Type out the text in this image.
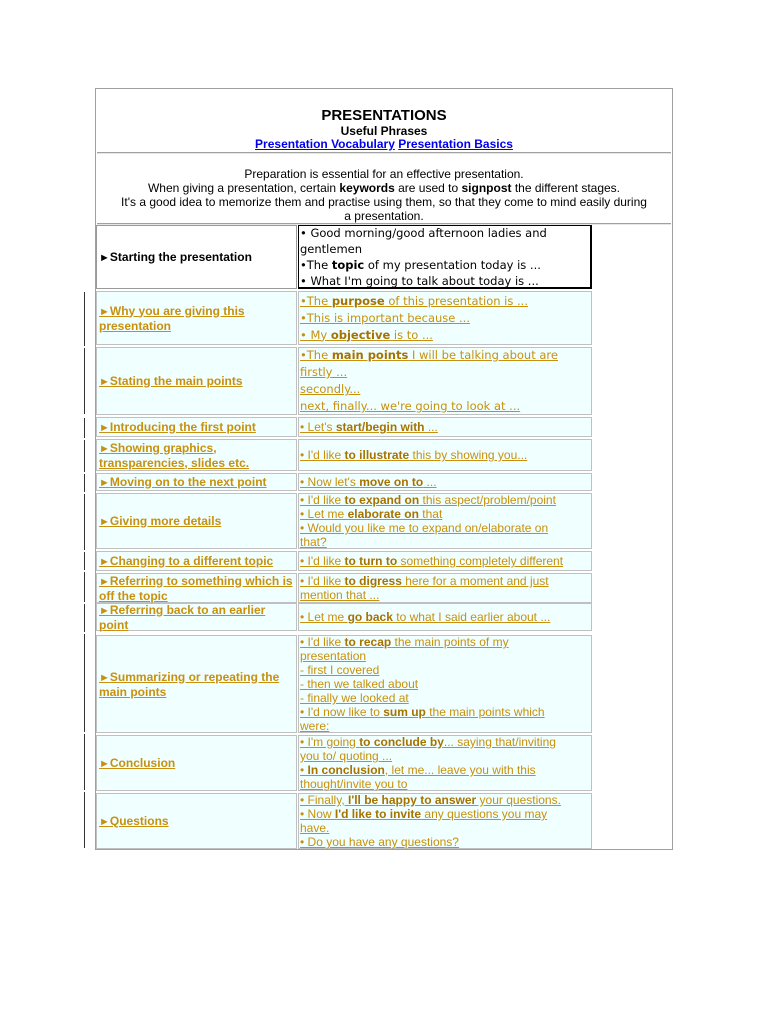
PRESENTATIONS
Useful Phrases
Presentation Vocabulary Presentation Basics
Preparation is essential for an effective presentation.
When giving a presentation, certain keywords are used to signpost the different stages.
It's a good idea to memorize them and practise using them, so that they come to mind easily during
a presentation.
►Starting the presentation
• Good morning/good afternoon ladies and
gentlemen
•The topic of my presentation today is ...
• What I'm going to talk about today is ...
►Why you are giving this presentation
•The purpose of this presentation is ...
•This is important because ...
• My objective is to ...
►Stating the main points
•The main points I will be talking about are
firstly ...
secondly...
next, finally... we're going to look at ...
►Introducing the first point	• Let's start/begin with ...
►Showing graphics, transparencies, slides etc.
• I'd like to illustrate this by showing you...
►Moving on to the next point	• Now let's move on to ...
►Giving more details
• I'd like to expand on this aspect/problem/point
• Let me elaborate on that
• Would you like me to expand on/elaborate on
that?
►Changing to a different topic • I'd like to turn to something completely different
►Referring to something which is off the topic
• I'd like to digress here for a moment and just
mention that ...
►Referring back to an earlier point
• Let me go back to what I said earlier about ...
►Summarizing or repeating the main points
• I'd like to recap the main points of my
presentation
- first I covered
- then we talked about
- finally we looked at
• I'd now like to sum up the main points which
were:
►Conclusion
• I'm going to conclude by... saying that/inviting
you to/ quoting ...
• In conclusion, let me... leave you with this
thought/invite you to
►Questions
• Finally, I'll be happy to answer your questions.
• Now I'd like to invite any questions you may
have.
• Do you have any questions?
